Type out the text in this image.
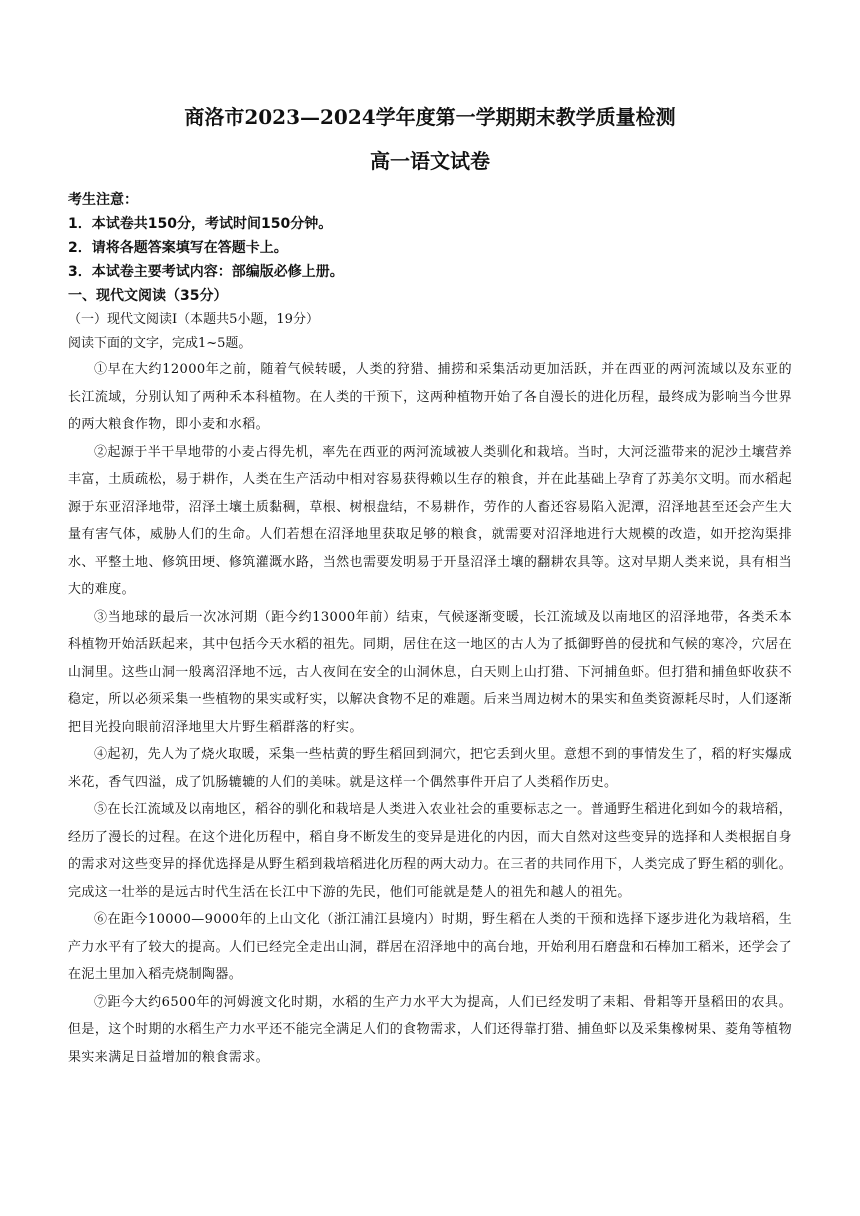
商洛市2023—2024学年度第一学期期末教学质量检测
高一语文试卷

考生注意：

1．本试卷共150分，考试时间150分钟。

2．请将各题答案填写在答题卡上。

3．本试卷主要考试内容：部编版必修上册。

一、现代文阅读（35分）

（一）现代文阅读Ⅰ（本题共5小题，19分）

阅读下面的文字，完成1~5题。

①早在大约12000年之前，随着气候转暖，人类的狩猎、捕捞和采集活动更加活跃，并在西亚的两河流域以及东亚的长江流域，分别认知了两种禾本科植物。在人类的干预下，这两种植物开始了各自漫长的进化历程，最终成为影响当今世界的两大粮食作物，即小麦和水稻。

②起源于半干旱地带的小麦占得先机，率先在西亚的两河流域被人类驯化和栽培。当时，大河泛滥带来的泥沙土壤营养丰富，土质疏松，易于耕作，人类在生产活动中相对容易获得赖以生存的粮食，并在此基础上孕育了苏美尔文明。而水稻起源于东亚沼泽地带，沼泽土壤土质黏稠，草根、树根盘结，不易耕作，劳作的人畜还容易陷入泥潭，沼泽地甚至还会产生大量有害气体，威胁人们的生命。人们若想在沼泽地里获取足够的粮食，就需要对沼泽地进行大规模的改造，如开挖沟渠排水、平整土地、修筑田埂、修筑灌溉水路，当然也需要发明易于开垦沼泽土壤的翻耕农具等。这对早期人类来说，具有相当大的难度。

③当地球的最后一次冰河期（距今约13000年前）结束，气候逐渐变暖，长江流域及以南地区的沼泽地带，各类禾本科植物开始活跃起来，其中包括今天水稻的祖先。同期，居住在这一地区的古人为了抵御野兽的侵扰和气候的寒冷，穴居在山洞里。这些山洞一般离沼泽地不远，古人夜间在安全的山洞休息，白天则上山打猎、下河捕鱼虾。但打猎和捕鱼虾收获不稳定，所以必须采集一些植物的果实或籽实，以解决食物不足的难题。后来当周边树木的果实和鱼类资源耗尽时，人们逐渐把目光投向眼前沼泽地里大片野生稻群落的籽实。

④起初，先人为了烧火取暖，采集一些枯黄的野生稻回到洞穴，把它丢到火里。意想不到的事情发生了，稻的籽实爆成米花，香气四溢，成了饥肠辘辘的人们的美味。就是这样一个偶然事件开启了人类稻作历史。

⑤在长江流域及以南地区，稻谷的驯化和栽培是人类进入农业社会的重要标志之一。普通野生稻进化到如今的栽培稻，经历了漫长的过程。在这个进化历程中，稻自身不断发生的变异是进化的内因，而大自然对这些变异的选择和人类根据自身的需求对这些变异的择优选择是从野生稻到栽培稻进化历程的两大动力。在三者的共同作用下，人类完成了野生稻的驯化。完成这一壮举的是远古时代生活在长江中下游的先民，他们可能就是楚人的祖先和越人的祖先。

⑥在距今10000—9000年的上山文化（浙江浦江县境内）时期，野生稻在人类的干预和选择下逐步进化为栽培稻，生产力水平有了较大的提高。人们已经完全走出山洞，群居在沼泽地中的高台地，开始利用石磨盘和石棒加工稻米，还学会了在泥土里加入稻壳烧制陶器。

⑦距今大约6500年的河姆渡文化时期，水稻的生产力水平大为提高，人们已经发明了耒耜、骨耜等开垦稻田的农具。但是，这个时期的水稻生产力水平还不能完全满足人们的食物需求，人们还得靠打猎、捕鱼虾以及采集橡树果、菱角等植物果实来满足日益增加的粮食需求。
